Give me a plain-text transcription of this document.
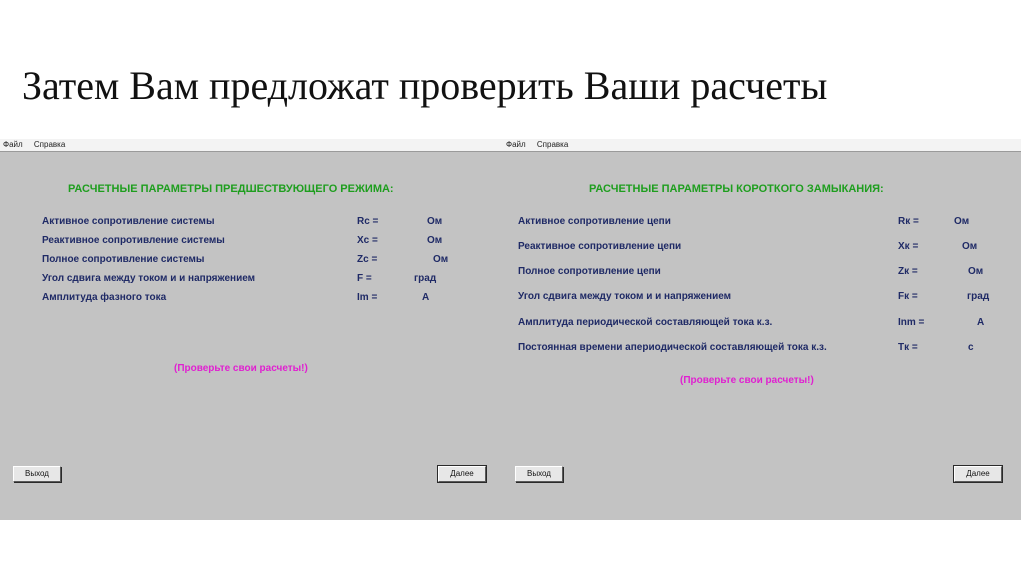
Затем Вам предложат проверить Ваши расчеты
Файл Справка
РАСЧЕТНЫЕ ПАРАМЕТРЫ ПРЕДШЕСТВУЮЩЕГО РЕЖИМА:
Активное сопротивление системы	Rc =	Ом
Реактивное сопротивление системы	Xc =	Ом
Полное сопротивление системы	Zc =	Ом
Угол сдвига между током и и напряжением	F =	град
Амплитуда фазного тока	Im =	А
(Проверьте свои расчеты!)
Выход	Далее
Файл Справка
РАСЧЕТНЫЕ ПАРАМЕТРЫ КОРОТКОГО ЗАМЫКАНИЯ:
Активное сопротивление цепи	Rк =	Ом
Реактивное сопротивление цепи	Xк =	Ом
Полное сопротивление цепи	Zк =	Ом
Угол сдвига между током и и напряжением	Fк =	град
Амплитуда периодической составляющей тока к.з.	Inm =	А
Постоянная времени апериодической составляющей тока к.з.	Tк =	с
(Проверьте свои расчеты!)
Выход	Далее
